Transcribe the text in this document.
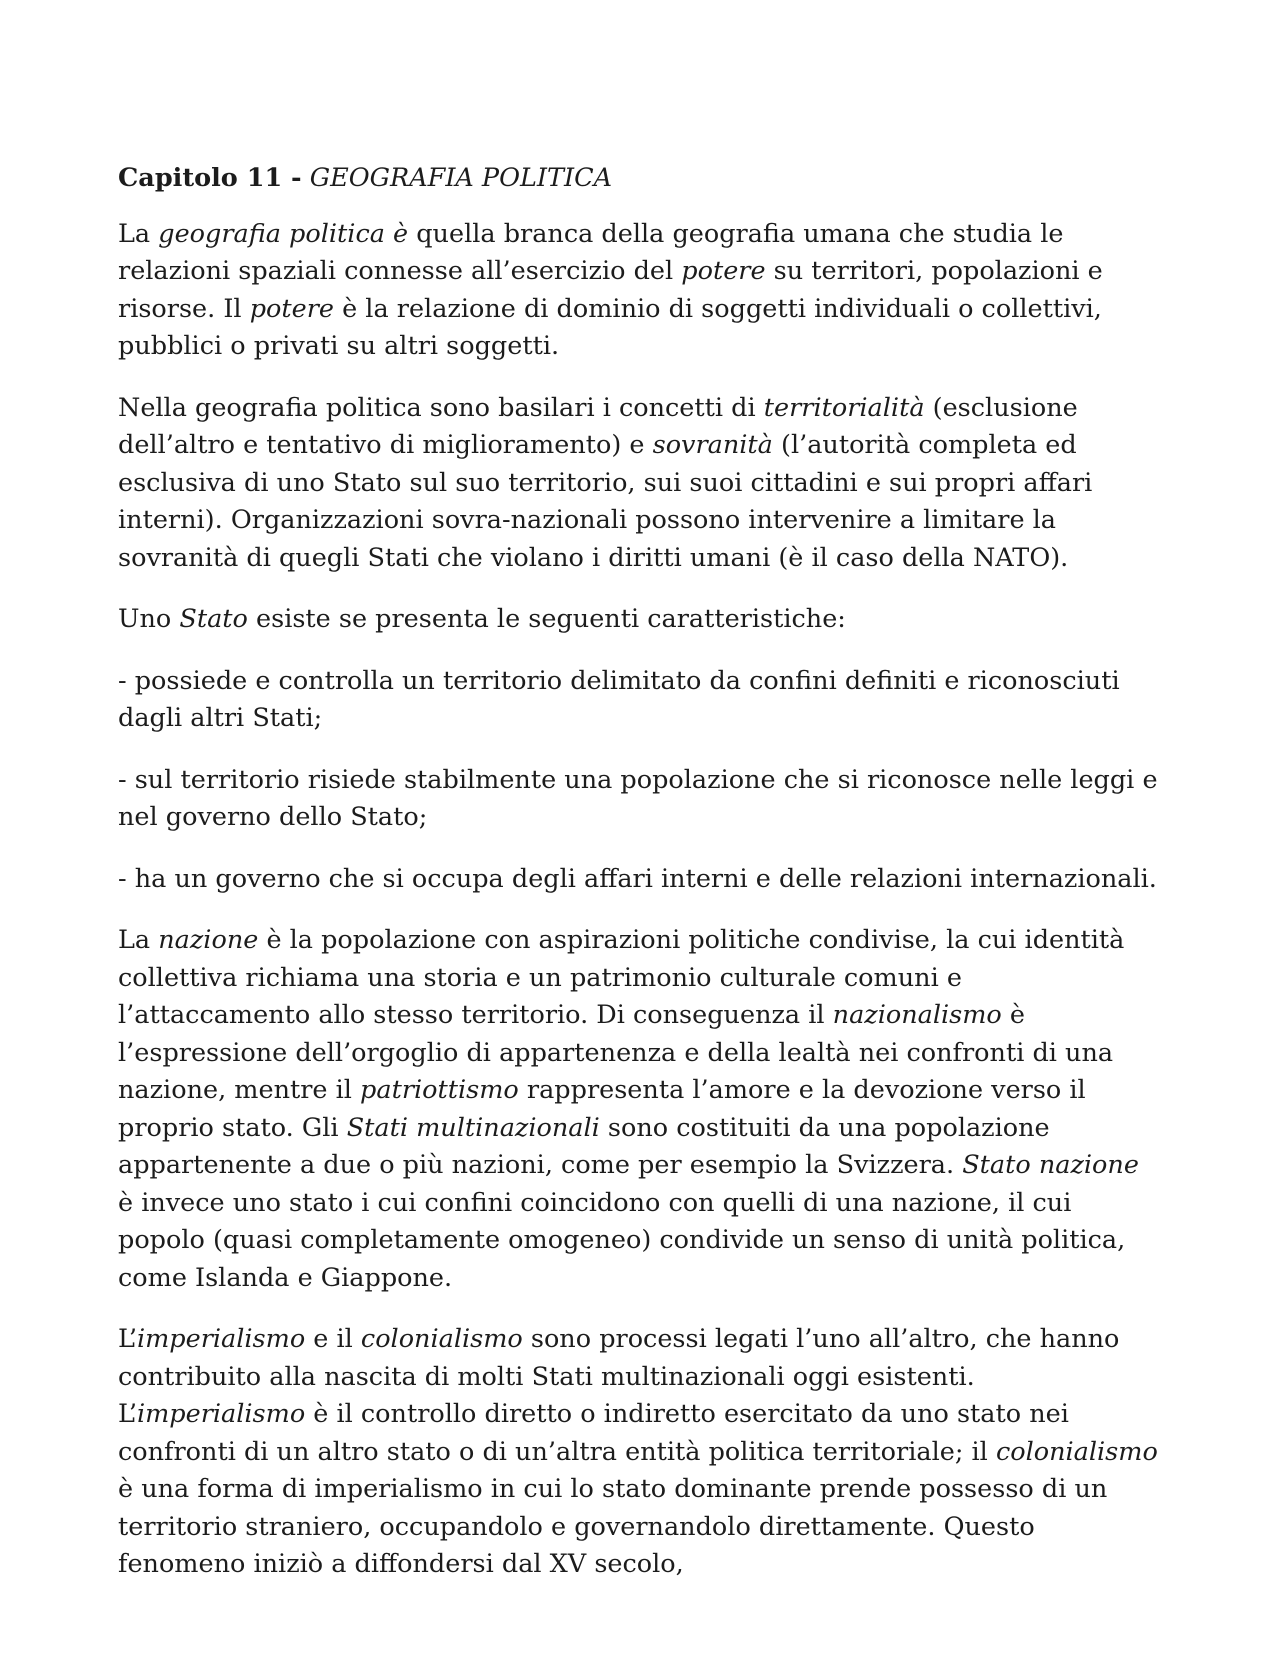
Capitolo 11 - GEOGRAFIA POLITICA

La geografia politica è quella branca della geografia umana che studia le relazioni spaziali connesse all’esercizio del potere su territori, popolazioni e risorse. Il potere è la relazione di dominio di soggetti individuali o collettivi, pubblici o privati su altri soggetti.

Nella geografia politica sono basilari i concetti di territorialità (esclusione dell’altro e tentativo di miglioramento) e sovranità (l’autorità completa ed esclusiva di uno Stato sul suo territorio, sui suoi cittadini e sui propri affari interni). Organizzazioni sovra-nazionali possono intervenire a limitare la sovranità di quegli Stati che violano i diritti umani (è il caso della NATO).

Uno Stato esiste se presenta le seguenti caratteristiche:

- possiede e controlla un territorio delimitato da confini definiti e riconosciuti dagli altri Stati;

- sul territorio risiede stabilmente una popolazione che si riconosce nelle leggi e nel governo dello Stato;

- ha un governo che si occupa degli affari interni e delle relazioni internazionali.

La nazione è la popolazione con aspirazioni politiche condivise, la cui identità collettiva richiama una storia e un patrimonio culturale comuni e l’attaccamento allo stesso territorio. Di conseguenza il nazionalismo è l’espressione dell’orgoglio di appartenenza e della lealtà nei confronti di una nazione, mentre il patriottismo rappresenta l’amore e la devozione verso il proprio stato. Gli Stati multinazionali sono costituiti da una popolazione appartenente a due o più nazioni, come per esempio la Svizzera. Stato nazione è invece uno stato i cui confini coincidono con quelli di una nazione, il cui popolo (quasi completamente omogeneo) condivide un senso di unità politica, come Islanda e Giappone.

L’imperialismo e il colonialismo sono processi legati l’uno all’altro, che hanno contribuito alla nascita di molti Stati multinazionali oggi esistenti. L’imperialismo è il controllo diretto o indiretto esercitato da uno stato nei confronti di un altro stato o di un’altra entità politica territoriale; il colonialismo è una forma di imperialismo in cui lo stato dominante prende possesso di un territorio straniero, occupandolo e governandolo direttamente. Questo fenomeno iniziò a diffondersi dal XV secolo,
